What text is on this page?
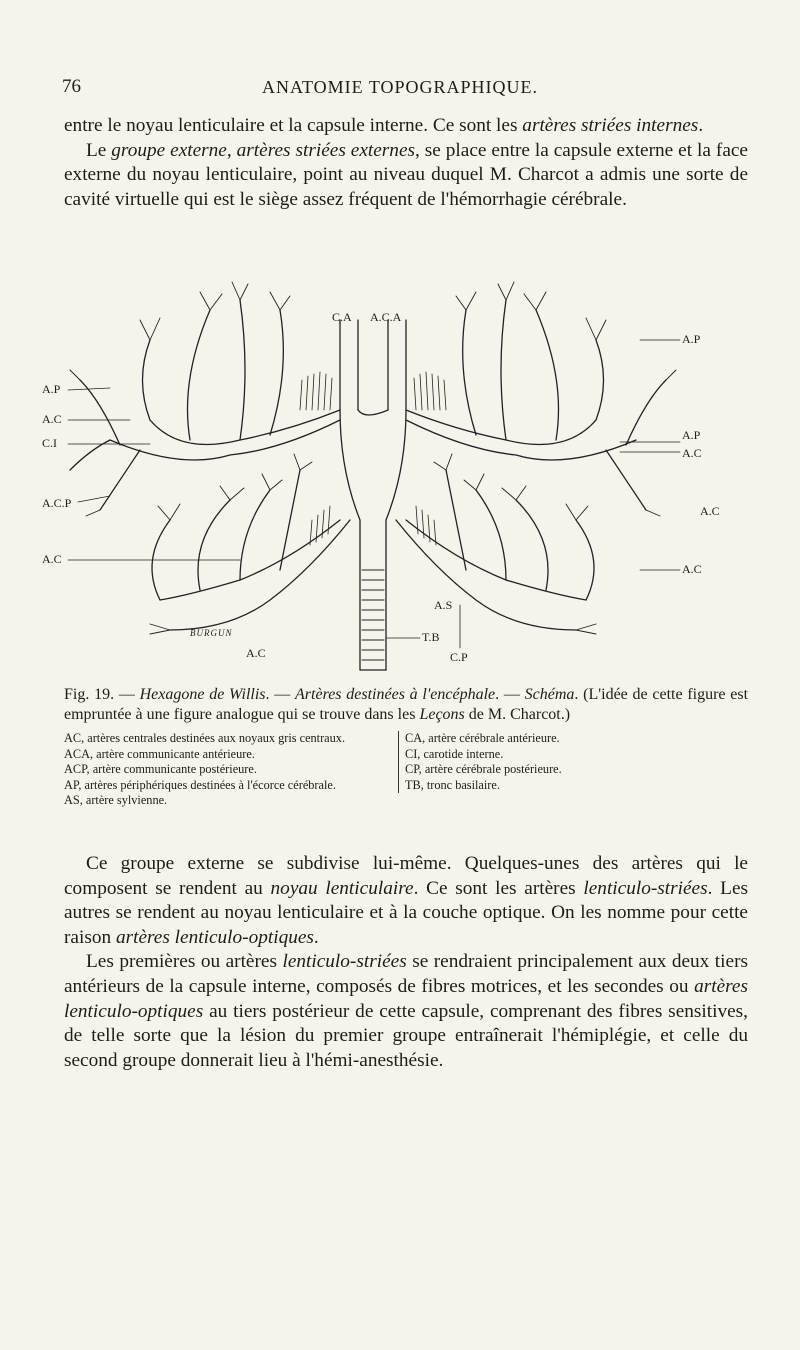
76	ANATOMIE TOPOGRAPHIQUE.

entre le noyau lenticulaire et la capsule interne. Ce sont les artères striées internes.

Le groupe externe, artères striées externes, se place entre la capsule externe et la face externe du noyau lenticulaire, point au niveau duquel M. Charcot a admis une sorte de cavité virtuelle qui est le siège assez fréquent de l'hémorrhagie cérébrale.

C.A A.C.A
A.P
A.C
C.I
A.C.P
A.C
A.P
A.P
A.C
A.C
A.C
A.S
T.B
C.P
A.C
BURGUN
Fig. 19. — Hexagone de Willis. — Artères destinées à l'encéphale. — Schéma. (L'idée de cette figure est empruntée à une figure analogue qui se trouve dans les Leçons de M. Charcot.)
AC, artères centrales destinées aux noyaux gris centraux.
ACA, artère communicante antérieure.
ACP, artère communicante postérieure.
AP, artères périphériques destinées à l'écorce cérébrale.
AS, artère sylvienne.
CA, artère cérébrale antérieure.
CI, carotide interne.
CP, artère cérébrale postérieure.
TB, tronc basilaire.

Ce groupe externe se subdivise lui-même. Quelques-unes des artères qui le composent se rendent au noyau lenticulaire. Ce sont les artères lenticulo-striées. Les autres se rendent au noyau lenticulaire et à la couche optique. On les nomme pour cette raison artères lenticulo-optiques.

Les premières ou artères lenticulo-striées se rendraient principalement aux deux tiers antérieurs de la capsule interne, composés de fibres motrices, et les secondes ou artères lenticulo-optiques au tiers postérieur de cette capsule, comprenant des fibres sensitives, de telle sorte que la lésion du premier groupe entraînerait l'hémiplégie, et celle du second groupe donnerait lieu à l'hémi-anesthésie.
